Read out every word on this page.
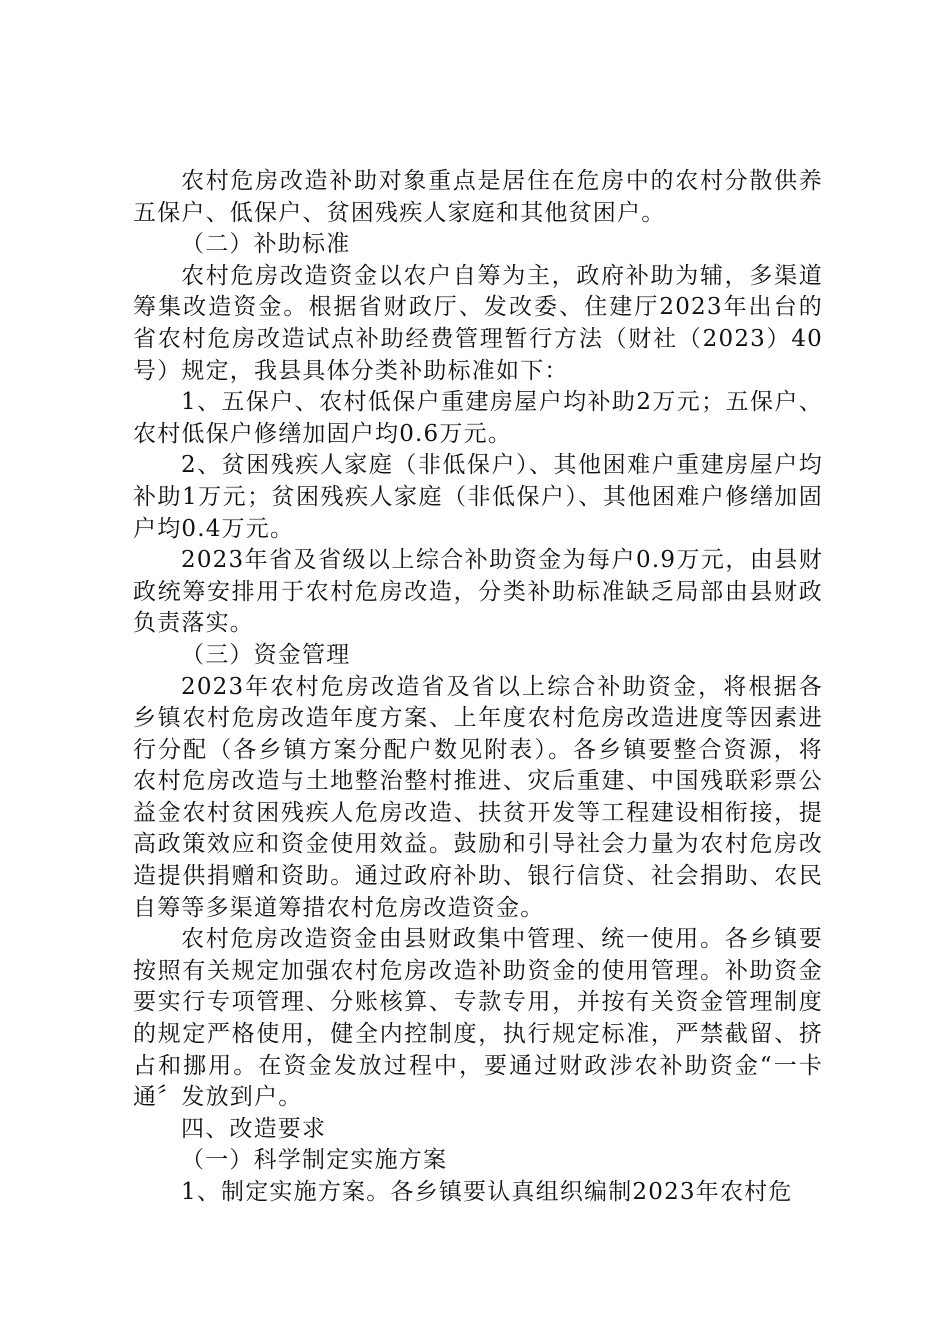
农村危房改造补助对象重点是居住在危房中的农村分散供养五保户、低保户、贫困残疾人家庭和其他贫困户。

（二）补助标准

农村危房改造资金以农户自筹为主，政府补助为辅，多渠道筹集改造资金。根据省财政厅、发改委、住建厅2023年出台的省农村危房改造试点补助经费管理暂行方法（财社（2023）40号）规定，我县具体分类补助标准如下：

1、五保户、农村低保户重建房屋户均补助2万元；五保户、农村低保户修缮加固户均0.6万元。

2、贫困残疾人家庭（非低保户）、其他困难户重建房屋户均补助1万元；贫困残疾人家庭（非低保户）、其他困难户修缮加固户均0.4万元。

2023年省及省级以上综合补助资金为每户0.9万元，由县财政统筹安排用于农村危房改造，分类补助标准缺乏局部由县财政负责落实。

（三）资金管理

2023年农村危房改造省及省以上综合补助资金，将根据各乡镇农村危房改造年度方案、上年度农村危房改造进度等因素进行分配（各乡镇方案分配户数见附表）。各乡镇要整合资源，将农村危房改造与土地整治整村推进、灾后重建、中国残联彩票公益金农村贫困残疾人危房改造、扶贫开发等工程建设相衔接，提高政策效应和资金使用效益。鼓励和引导社会力量为农村危房改造提供捐赠和资助。通过政府补助、银行信贷、社会捐助、农民自筹等多渠道筹措农村危房改造资金。

农村危房改造资金由县财政集中管理、统一使用。各乡镇要按照有关规定加强农村危房改造补助资金的使用管理。补助资金要实行专项管理、分账核算、专款专用，并按有关资金管理制度的规定严格使用，健全内控制度，执行规定标准，严禁截留、挤占和挪用。在资金发放过程中，要通过财政涉农补助资金“一卡通〞发放到户。

四、改造要求

（一）科学制定实施方案

1、制定实施方案。各乡镇要认真组织编制2023年农村危
